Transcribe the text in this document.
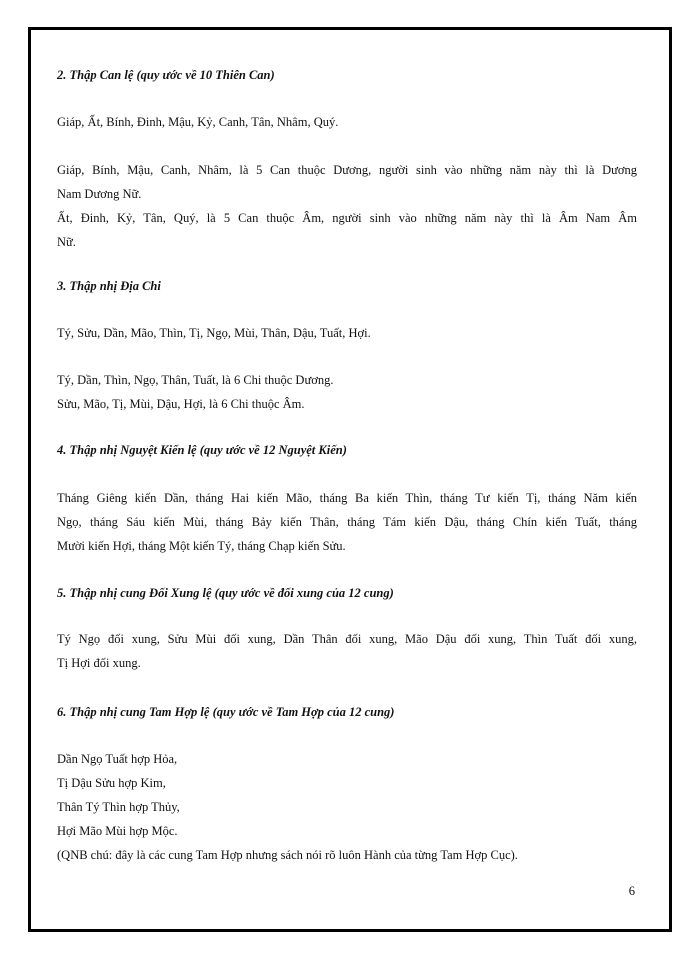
2. Thập Can lệ (quy ước về 10 Thiên Can)
Giáp, Ất, Bính, Đinh, Mậu, Kỷ, Canh, Tân, Nhâm, Quý.
Giáp, Bính, Mậu, Canh, Nhâm, là 5 Can thuộc Dương, người sinh vào những năm này thì là Dương
Nam Dương Nữ.
Ất, Đinh, Kỷ, Tân, Quý, là 5 Can thuộc Âm, người sinh vào những năm này thì là Âm Nam Âm
Nữ.
3. Thập nhị Địa Chi
Tý, Sửu, Dần, Mão, Thìn, Tị, Ngọ, Mùi, Thân, Dậu, Tuất, Hợi.
Tý, Dần, Thìn, Ngọ, Thân, Tuất, là 6 Chi thuộc Dương.
Sửu, Mão, Tị, Mùi, Dậu, Hợi, là 6 Chi thuộc Âm.
4. Thập nhị Nguyệt Kiến lệ (quy ước về 12 Nguyệt Kiến)
Tháng Giêng kiến Dần, tháng Hai kiến Mão, tháng Ba kiến Thìn, tháng Tư kiến Tị, tháng Năm kiến
Ngọ, tháng Sáu kiến Mùi, tháng Bảy kiến Thân, tháng Tám kiến Dậu, tháng Chín kiến Tuất, tháng
Mười kiến Hợi, tháng Một kiến Tý, tháng Chạp kiến Sửu.
5. Thập nhị cung Đối Xung lệ (quy ước về đối xung của 12 cung)
Tý Ngọ đối xung, Sửu Mùi đối xung, Dần Thân đối xung, Mão Dậu đối xung, Thìn Tuất đối xung,
Tị Hợi đối xung.
6. Thập nhị cung Tam Hợp lệ (quy ước về Tam Hợp của 12 cung)
Dần Ngọ Tuất hợp Hỏa,
Tị Dậu Sửu hợp Kim,
Thân Tý Thìn hợp Thủy,
Hợi Mão Mùi hợp Mộc.
(QNB chú: đây là các cung Tam Hợp nhưng sách nói rõ luôn Hành của từng Tam Hợp Cục).
6
